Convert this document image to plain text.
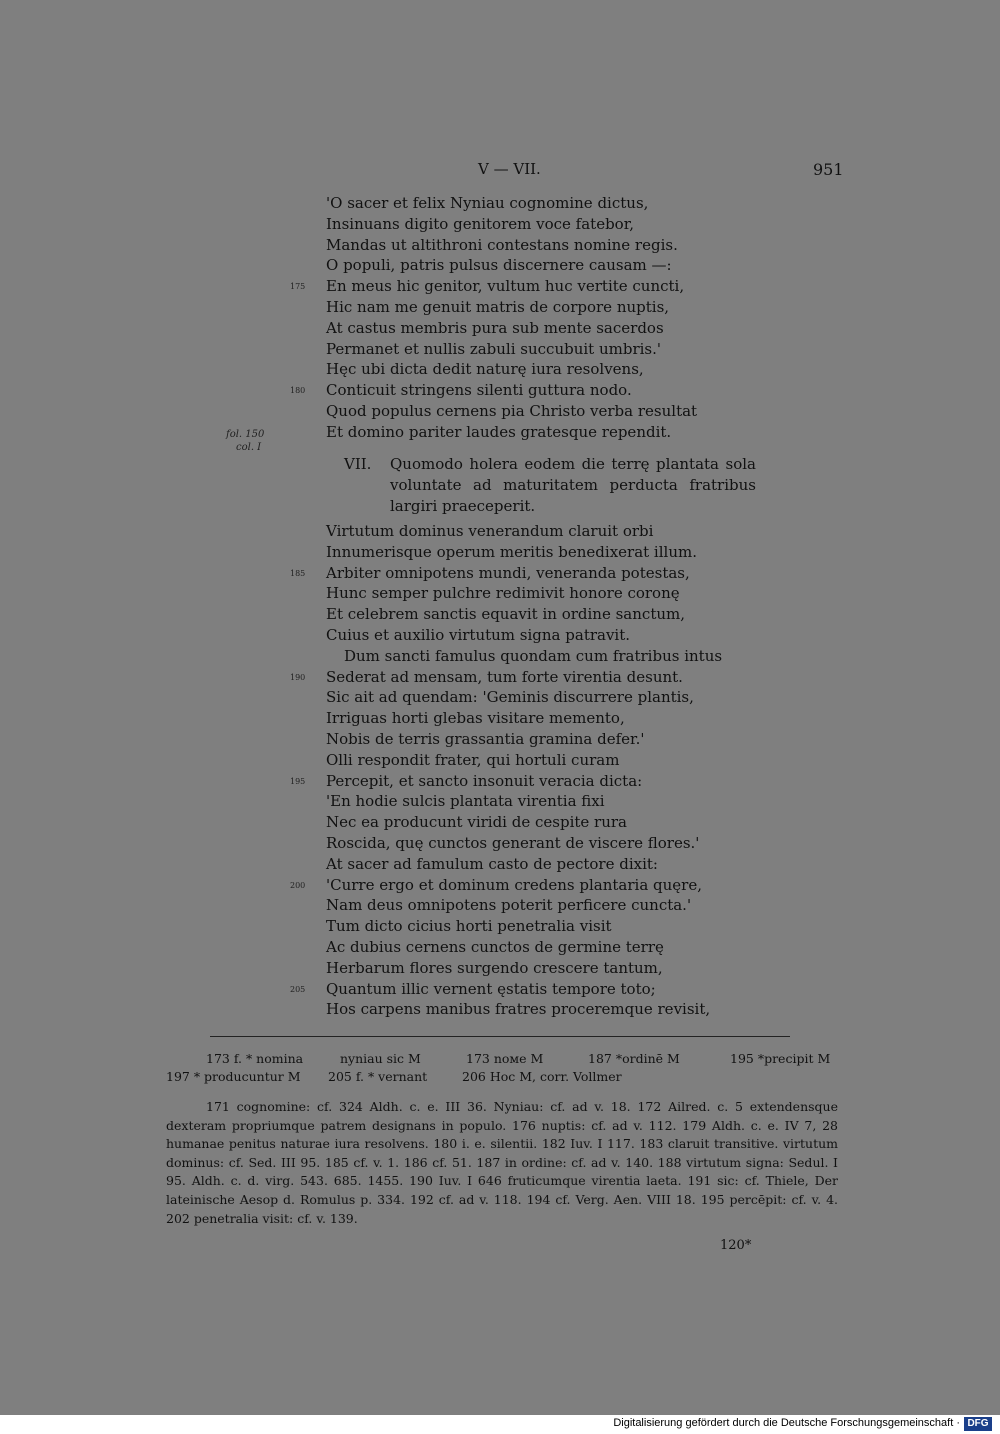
V — VII.	951
fol. 150
col. I
'O sacer et felix Nyniau cognomine dictus,
Insinuans digito genitorem voce fatebor,
Mandas ut altithroni contestans nomine regis.
O populi, patris pulsus discernere causam —:
En meus hic genitor, vultum huc vertite cuncti,
Hic nam me genuit matris de corpore nuptis,
At castus membris pura sub mente sacerdos
Permanet et nullis zabuli succubuit umbris.'
Hęc ubi dicta dedit naturę iura resolvens,
Conticuit stringens silenti guttura nodo.
Quod populus cernens pia Christo verba resultat
Et domino pariter laudes gratesque rependit.
175
180
VII. Quomodo holera eodem die terrę plantata sola voluntate ad maturitatem perducta fratribus largiri praeceperit.
Virtutum dominus venerandum claruit orbi
Innumerisque operum meritis benedixerat illum.
Arbiter omnipotens mundi, veneranda potestas,
Hunc semper pulchre redimivit honore coronę
Et celebrem sanctis equavit in ordine sanctum,
Cuius et auxilio virtutum signa patravit.
Dum sancti famulus quondam cum fratribus intus
Sederat ad mensam, tum forte virentia desunt.
Sic ait ad quendam: 'Geminis discurrere plantis,
Irriguas horti glebas visitare memento,
Nobis de terris grassantia gramina defer.'
Olli respondit frater, qui hortuli curam
Percepit, et sancto insonuit veracia dicta:
'En hodie sulcis plantata virentia fixi
Nec ea producunt viridi de cespite rura
Roscida, quę cunctos generant de viscere flores.'
At sacer ad famulum casto de pectore dixit:
'Curre ergo et dominum credens plantaria quęre,
Nam deus omnipotens poterit perficere cuncta.'
Tum dicto cicius horti penetralia visit
Ac dubius cernens cunctos de germine terrę
Herbarum flores surgendo crescere tantum,
Quantum illic vernent ęstatis tempore toto;
Hos carpens manibus fratres proceremque revisit,
185
190
195
200
205
173 f. * nomina	nyniau sic M	173 noме M	187 *ordinē M	195 *precipit M
197 * producuntur M 205 f. * vernant	206 Hoc M, corr. Vollmer
171 cognomine: cf. 324 Aldh. c. e. III 36. Nyniau: cf. ad v. 18. 172 Ailred. c. 5 extendensque dexteram propriumque patrem designans in populo. 176 nuptis: cf. ad v. 112. 179 Aldh. c. e. IV 7, 28 humanae penitus naturae iura resolvens. 180 i. e. silentii. 182 Iuv. I 117. 183 claruit transitive. virtutum dominus: cf. Sed. III 95. 185 cf. v. 1. 186 cf. 51. 187 in ordine: cf. ad v. 140. 188 virtutum signa: Sedul. I 95. Aldh. c. d. virg. 543. 685. 1455. 190 Iuv. I 646 fruticumque virentia laeta. 191 sic: cf. Thiele, Der lateinische Aesop d. Romulus p. 334. 192 cf. ad v. 118. 194 cf. Verg. Aen. VIII 18. 195 percēpit: cf. v. 4. 202 penetralia visit: cf. v. 139.
120*
Digitalisierung gefördert durch die Deutsche Forschungsgemeinschaft · DFG
